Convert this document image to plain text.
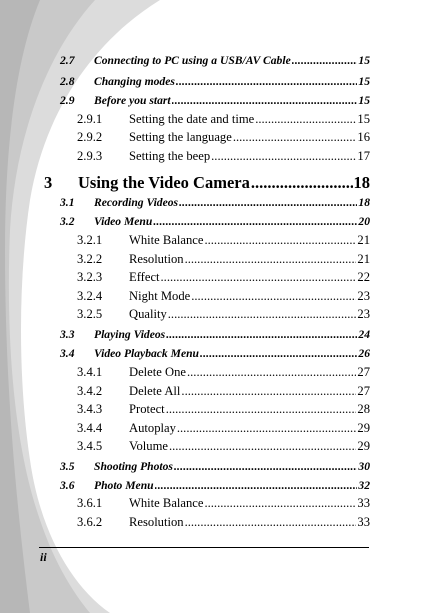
2.7	Connecting to PC using a USB/AV Cable .....	15
2.8	Changing modes .....	15
2.9	Before you start .....	15
2.9.1	Setting the date and time .....	15
2.9.2	Setting the language .....	16
2.9.3	Setting the beep .....	17
3	Using the Video Camera .....	18
3.1	Recording Videos .....	18
3.2	Video Menu .....	20
3.2.1	White Balance .....	21
3.2.2	Resolution .....	21
3.2.3	Effect .....	22
3.2.4	Night Mode .....	23
3.2.5	Quality .....	23
3.3	Playing Videos .....	24
3.4	Video Playback Menu .....	26
3.4.1	Delete One .....	27
3.4.2	Delete All .....	27
3.4.3	Protect .....	28
3.4.4	Autoplay .....	29
3.4.5	Volume .....	29
3.5	Shooting Photos .....	30
3.6	Photo Menu .....	32
3.6.1	White Balance .....	33
3.6.2	Resolution .....	33
ii
